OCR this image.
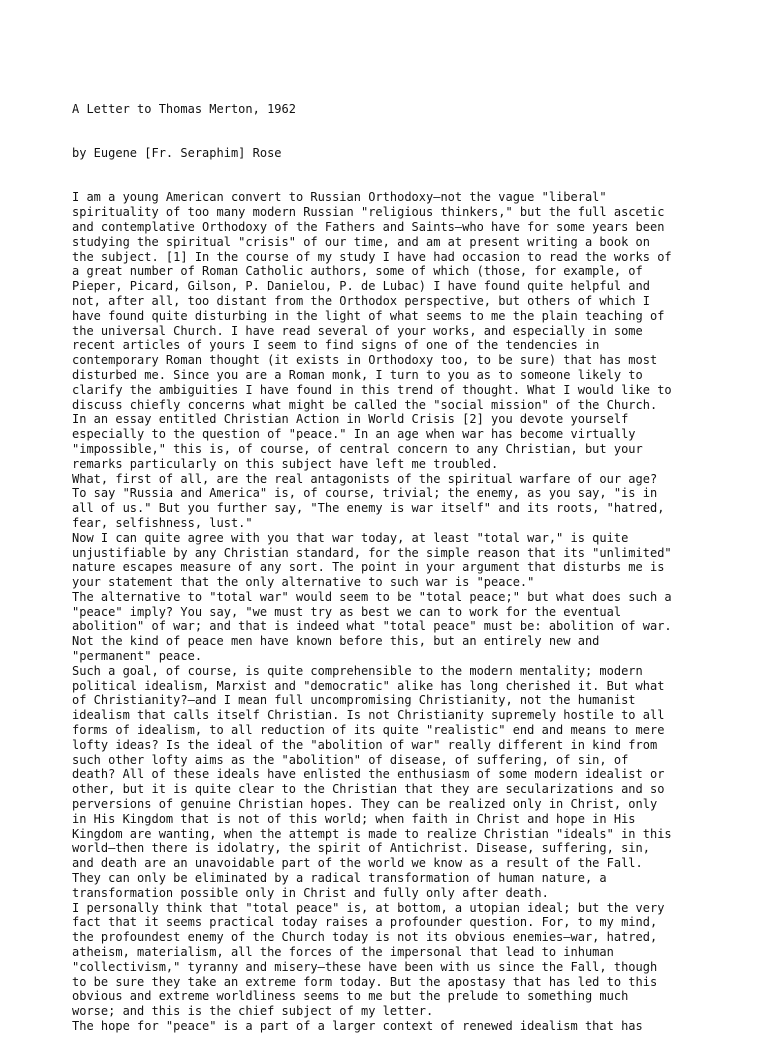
A Letter to Thomas Merton, 1962

by Eugene [Fr. Seraphim] Rose

I am a young American convert to Russian Orthodoxy—not the vague "liberal"
spirituality of too many modern Russian "religious thinkers," but the full ascetic
and contemplative Orthodoxy of the Fathers and Saints—who have for some years been
studying the spiritual "crisis" of our time, and am at present writing a book on
the subject. [1] In the course of my study I have had occasion to read the works of
a great number of Roman Catholic authors, some of which (those, for example, of
Pieper, Picard, Gilson, P. Danielou, P. de Lubac) I have found quite helpful and
not, after all, too distant from the Orthodox perspective, but others of which I
have found quite disturbing in the light of what seems to me the plain teaching of
the universal Church. I have read several of your works, and especially in some
recent articles of yours I seem to find signs of one of the tendencies in
contemporary Roman thought (it exists in Orthodoxy too, to be sure) that has most
disturbed me. Since you are a Roman monk, I turn to you as to someone likely to
clarify the ambiguities I have found in this trend of thought. What I would like to
discuss chiefly concerns what might be called the "social mission" of the Church.
In an essay entitled Christian Action in World Crisis [2] you devote yourself
especially to the question of "peace." In an age when war has become virtually
"impossible," this is, of course, of central concern to any Christian, but your
remarks particularly on this subject have left me troubled.
What, first of all, are the real antagonists of the spiritual warfare of our age?
To say "Russia and America" is, of course, trivial; the enemy, as you say, "is in
all of us." But you further say, "The enemy is war itself" and its roots, "hatred,
fear, selfishness, lust."
Now I can quite agree with you that war today, at least "total war," is quite
unjustifiable by any Christian standard, for the simple reason that its "unlimited"
nature escapes measure of any sort. The point in your argument that disturbs me is
your statement that the only alternative to such war is "peace."
The alternative to "total war" would seem to be "total peace;" but what does such a
"peace" imply? You say, "we must try as best we can to work for the eventual
abolition" of war; and that is indeed what "total peace" must be: abolition of war.
Not the kind of peace men have known before this, but an entirely new and
"permanent" peace.
Such a goal, of course, is quite comprehensible to the modern mentality; modern
political idealism, Marxist and "democratic" alike has long cherished it. But what
of Christianity?—and I mean full uncompromising Christianity, not the humanist
idealism that calls itself Christian. Is not Christianity supremely hostile to all
forms of idealism, to all reduction of its quite "realistic" end and means to mere
lofty ideas? Is the ideal of the "abolition of war" really different in kind from
such other lofty aims as the "abolition" of disease, of suffering, of sin, of
death? All of these ideals have enlisted the enthusiasm of some modern idealist or
other, but it is quite clear to the Christian that they are secularizations and so
perversions of genuine Christian hopes. They can be realized only in Christ, only
in His Kingdom that is not of this world; when faith in Christ and hope in His
Kingdom are wanting, when the attempt is made to realize Christian "ideals" in this
world—then there is idolatry, the spirit of Antichrist. Disease, suffering, sin,
and death are an unavoidable part of the world we know as a result of the Fall.
They can only be eliminated by a radical transformation of human nature, a
transformation possible only in Christ and fully only after death.
I personally think that "total peace" is, at bottom, a utopian ideal; but the very
fact that it seems practical today raises a profounder question. For, to my mind,
the profoundest enemy of the Church today is not its obvious enemies—war, hatred,
atheism, materialism, all the forces of the impersonal that lead to inhuman
"collectivism," tyranny and misery—these have been with us since the Fall, though
to be sure they take an extreme form today. But the apostasy that has led to this
obvious and extreme worldliness seems to me but the prelude to something much
worse; and this is the chief subject of my letter.
The hope for "peace" is a part of a larger context of renewed idealism that has
